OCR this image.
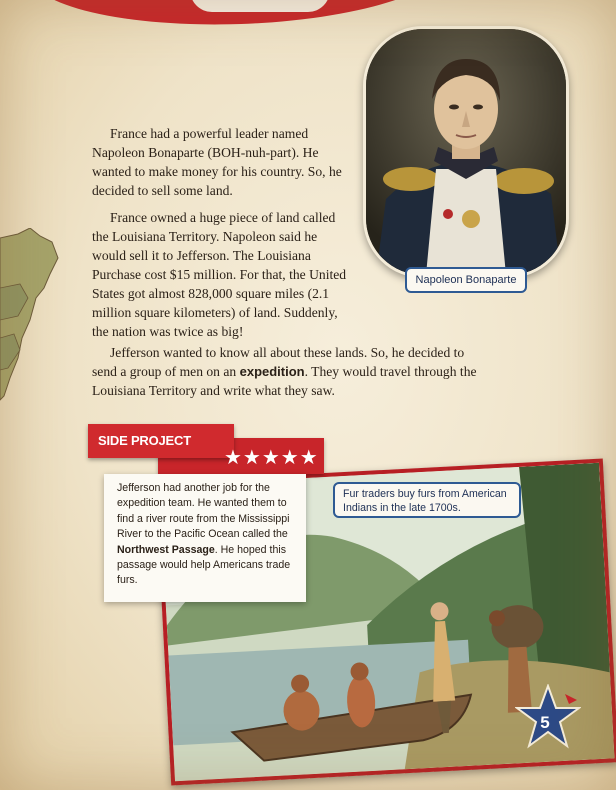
Napoleon Bonaparte

France had a powerful leader named Napoleon Bonaparte (BOH-nuh-part). He wanted to make money for his country. So, he decided to sell some land.

France owned a huge piece of land called the Louisiana Territory. Napoleon said he would sell it to Jefferson. The Louisiana Purchase cost $15 million. For that, the United States got almost 828,000 square miles (2.1 million square kilometers) of land. Suddenly, the nation was twice as big!

Jefferson wanted to know all about these lands. So, he decided to send a group of men on an expedition. They would travel through the Louisiana Territory and write what they saw.

Fur traders buy furs from American Indians in the late 1700s.
SIDE PROJECT
★★★★★
Jefferson had another job for the expedition team. He wanted them to find a river route from the Mississippi River to the Pacific Ocean called the Northwest Passage. He hoped this passage would help Americans trade furs.
5
